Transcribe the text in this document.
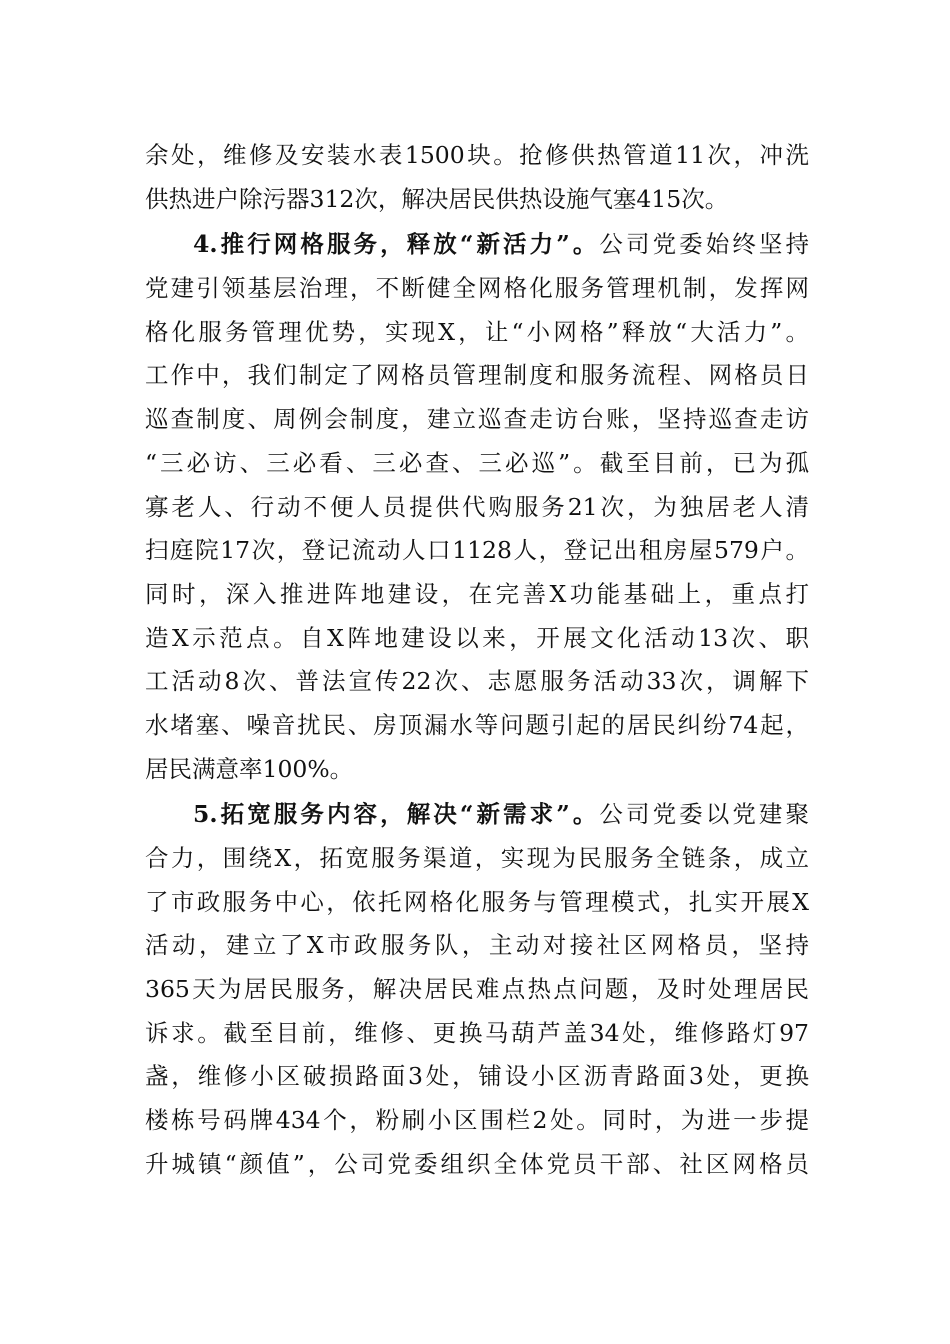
余处，维修及安装水表1500块。抢修供热管道11次，冲洗
供热进户除污器312次，解决居民供热设施气塞415次。
4.推行网格服务，释放“新活力”。公司党委始终坚持
党建引领基层治理，不断健全网格化服务管理机制，发挥网
格化服务管理优势，实现X，让“小网格”释放“大活力”。
工作中，我们制定了网格员管理制度和服务流程、网格员日
巡查制度、周例会制度，建立巡查走访台账，坚持巡查走访
“三必访、三必看、三必查、三必巡”。截至目前，已为孤
寡老人、行动不便人员提供代购服务21次，为独居老人清
扫庭院17次，登记流动人口1128人，登记出租房屋579户。
同时，深入推进阵地建设，在完善X功能基础上，重点打
造X示范点。自X阵地建设以来，开展文化活动13次、职
工活动8次、普法宣传22次、志愿服务活动33次，调解下
水堵塞、噪音扰民、房顶漏水等问题引起的居民纠纷74起，
居民满意率100%。
5.拓宽服务内容，解决“新需求”。公司党委以党建聚
合力，围绕X，拓宽服务渠道，实现为民服务全链条，成立
了市政服务中心，依托网格化服务与管理模式，扎实开展X
活动，建立了X市政服务队，主动对接社区网格员，坚持
365天为居民服务，解决居民难点热点问题，及时处理居民
诉求。截至目前，维修、更换马葫芦盖34处，维修路灯97
盏，维修小区破损路面3处，铺设小区沥青路面3处，更换
楼栋号码牌434个，粉刷小区围栏2处。同时，为进一步提
升城镇“颜值”，公司党委组织全体党员干部、社区网格员
